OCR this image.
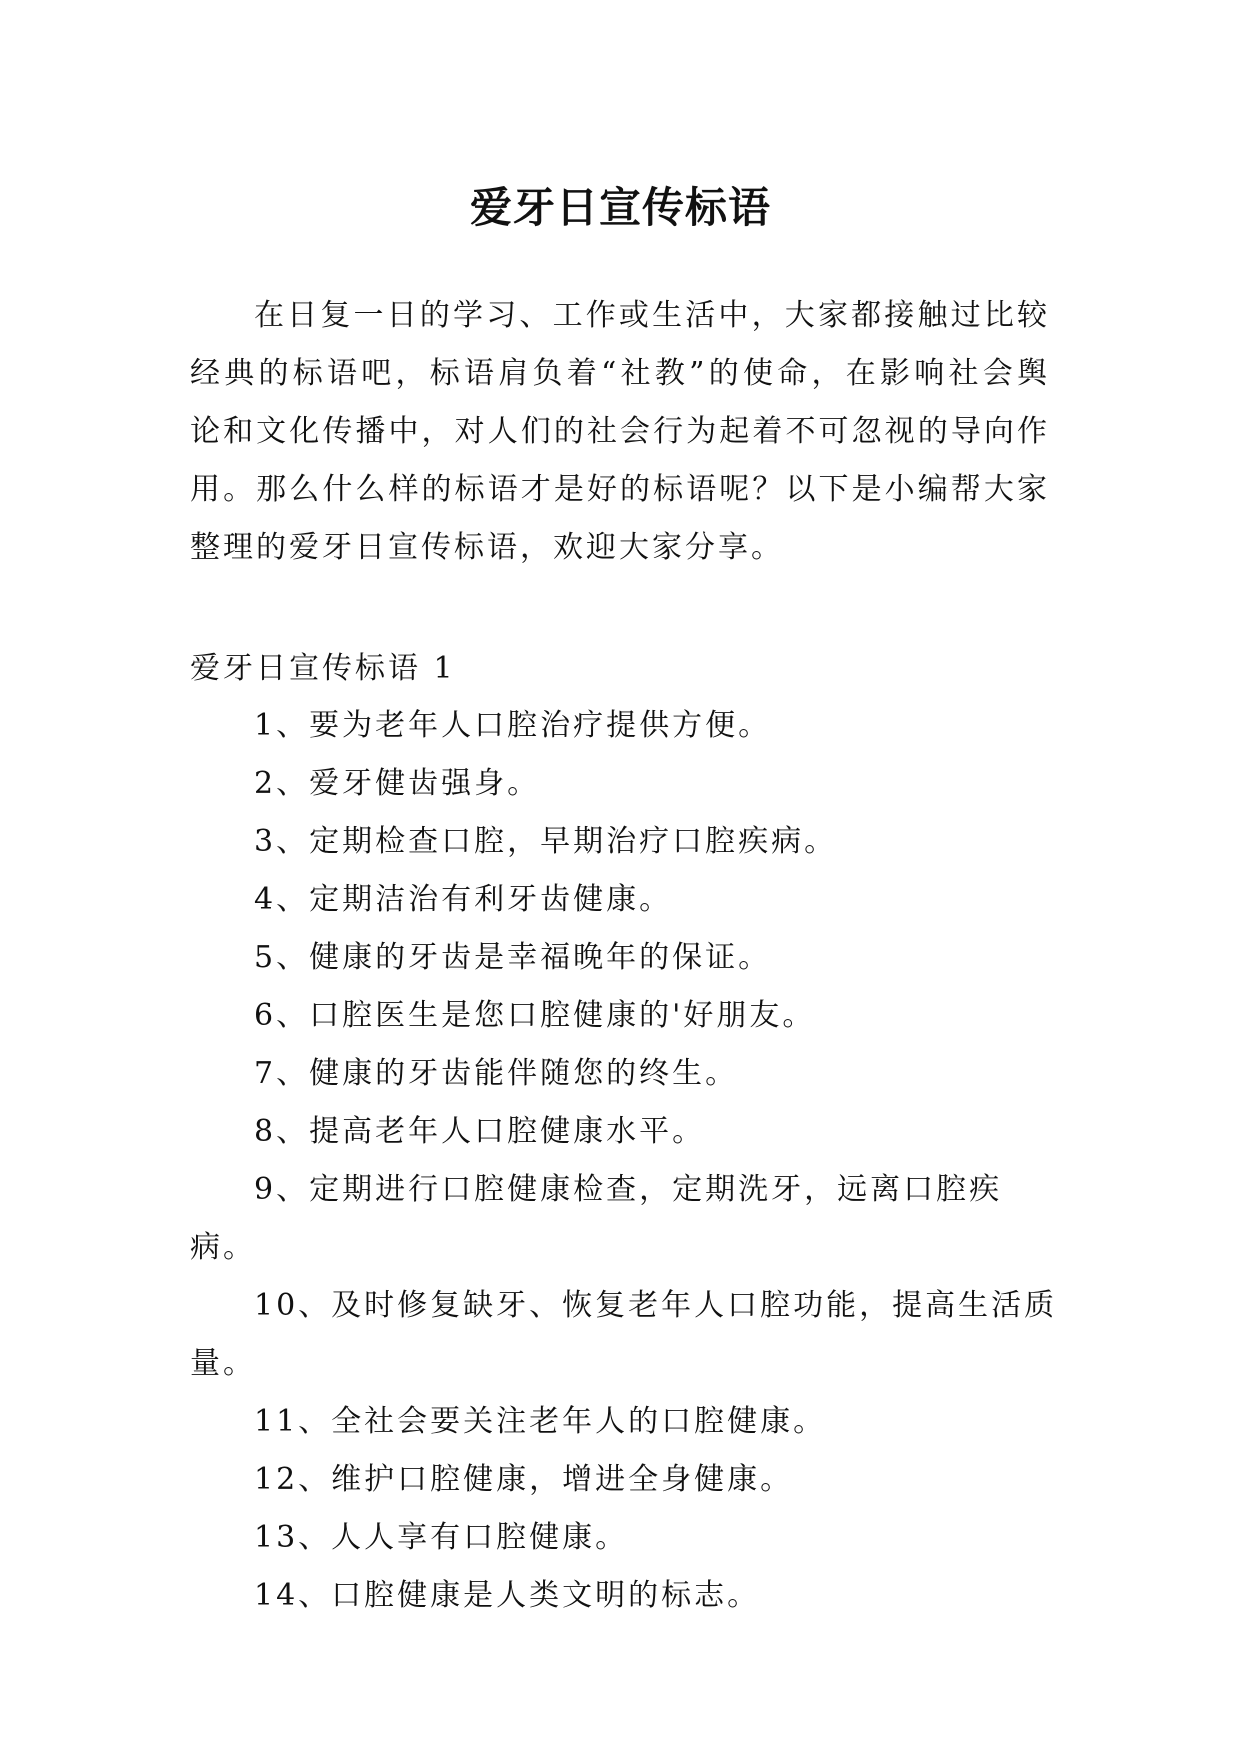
爱牙日宣传标语

在日复一日的学习、工作或生活中，大家都接触过比较经典的标语吧，标语肩负着“社教”的使命，在影响社会舆论和文化传播中，对人们的社会行为起着不可忽视的导向作用。那么什么样的标语才是好的标语呢？以下是小编帮大家整理的爱牙日宣传标语，欢迎大家分享。

爱牙日宣传标语 1

1、要为老年人口腔治疗提供方便。
2、爱牙健齿强身。
3、定期检查口腔，早期治疗口腔疾病。
4、定期洁治有利牙齿健康。
5、健康的牙齿是幸福晚年的保证。
6、口腔医生是您口腔健康的'好朋友。
7、健康的牙齿能伴随您的终生。
8、提高老年人口腔健康水平。
9、定期进行口腔健康检查，定期洗牙，远离口腔疾病。
10、及时修复缺牙、恢复老年人口腔功能，提高生活质量。
11、全社会要关注老年人的口腔健康。
12、维护口腔健康，增进全身健康。
13、人人享有口腔健康。
14、口腔健康是人类文明的标志。
